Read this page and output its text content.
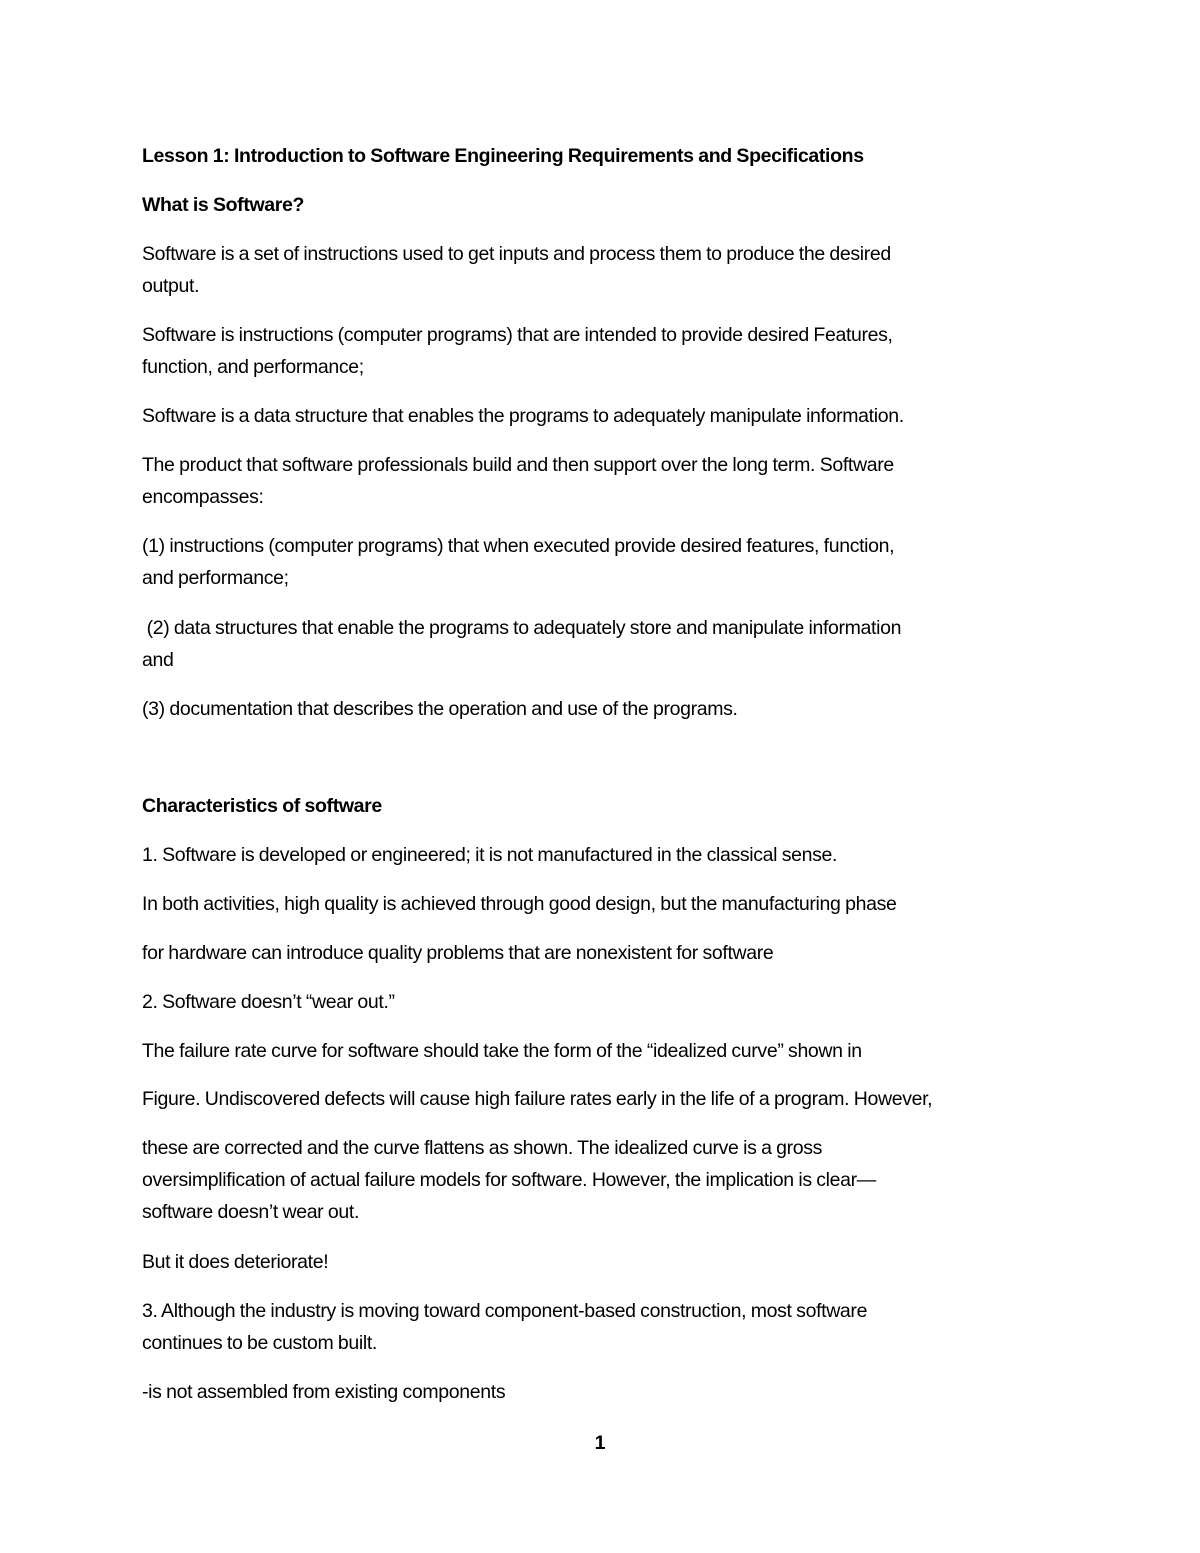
Lesson 1: Introduction to Software Engineering Requirements and Specifications

What is Software?

Software is a set of instructions used to get inputs and process them to produce the desired

output.

Software is instructions (computer programs) that are intended to provide desired Features,

function, and performance;

Software is a data structure that enables the programs to adequately manipulate information.

The product that software professionals build and then support over the long term. Software

encompasses:

(1) instructions (computer programs) that when executed provide desired features, function,

and performance;

(2) data structures that enable the programs to adequately store and manipulate information

and

(3) documentation that describes the operation and use of the programs.

Characteristics of software

1. Software is developed or engineered; it is not manufactured in the classical sense.

In both activities, high quality is achieved through good design, but the manufacturing phase

for hardware can introduce quality problems that are nonexistent for software

2. Software doesn’t “wear out.”

The failure rate curve for software should take the form of the “idealized curve” shown in

Figure. Undiscovered defects will cause high failure rates early in the life of a program. However,

these are corrected and the curve flattens as shown. The idealized curve is a gross

oversimplification of actual failure models for software. However, the implication is clear—

software doesn’t wear out.

But it does deteriorate!

3. Although the industry is moving toward component-based construction, most software

continues to be custom built.

-is not assembled from existing components

1
